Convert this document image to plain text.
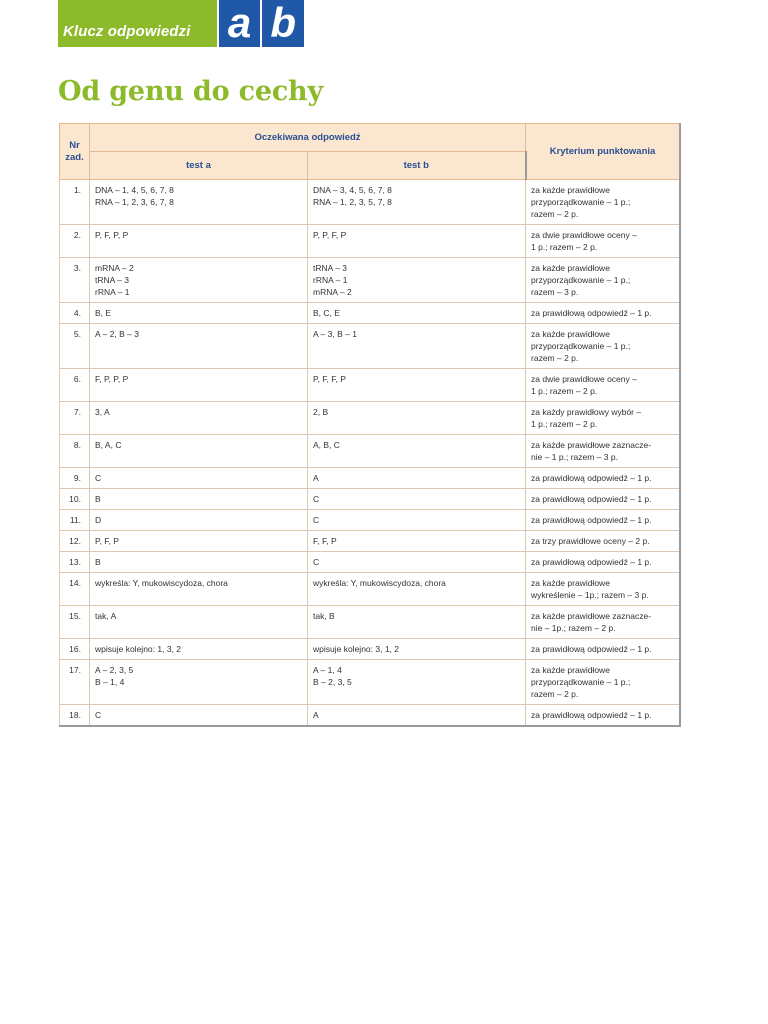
Klucz odpowiedzi a b
Od genu do cechy
Nr
zad.	Oczekiwana odpowiedź		Kryterium punktowania
	test a	test b	
1.	DNA – 1, 4, 5, 6, 7, 8
RNA – 1, 2, 3, 6, 7, 8	DNA – 3, 4, 5, 6, 7, 8
RNA – 1, 2, 3, 5, 7, 8	za każde prawidłowe
przyporządkowanie – 1 p.;
razem – 2 p.

2.	P, F, P, P	P, P, F, P	za dwie prawidłowe oceny –
1 p.; razem – 2 p.

3.	mRNA – 2
tRNA – 3
rRNA – 1	tRNA – 3
rRNA – 1
mRNA – 2	za każde prawidłowe
przyporządkowanie – 1 p.;
razem – 3 p.

4.	B, E	B, C, E	za prawidłową odpowiedź – 1 p.

5.	A – 2, B – 3	A – 3, B – 1	za każde prawidłowe
przyporządkowanie – 1 p.;
razem – 2 p.

6.	F, P, P, P	P, F, F, P	za dwie prawidłowe oceny –
1 p.; razem – 2 p.

7.	3, A	2, B	za każdy prawidłowy wybór –
1 p.; razem – 2 p.

8.	B, A, C	A, B, C	za każde prawidłowe zaznacze-
nie – 1 p.; razem – 3 p.

9.	C	A	za prawidłową odpowiedź – 1 p.

10.	B	C	za prawidłową odpowiedź – 1 p.

11.	D	C	za prawidłową odpowiedź – 1 p.

12.	P, F, P	F, F, P	za trzy prawidłowe oceny – 2 p.

13.	B	C	za prawidłową odpowiedź – 1 p.

14.	wykreśla: Y, mukowiscydoza, chora	wykreśla: Y, mukowiscydoza, chora	za każde prawidłowe
wykreślenie – 1p.; razem – 3 p.

15.	tak, A	tak, B	za każde prawidłowe zaznacze-
nie – 1p.; razem – 2 p.

16.	wpisuje kolejno: 1, 3, 2	wpisuje kolejno: 3, 1, 2	za prawidłową odpowiedź – 1 p.

17.	A – 2, 3, 5
B – 1, 4	A – 1, 4
B – 2, 3, 5	za każde prawidłowe
przyporządkowanie – 1 p.;
razem – 2 p.

18.	C	A	za prawidłową odpowiedź – 1 p.
